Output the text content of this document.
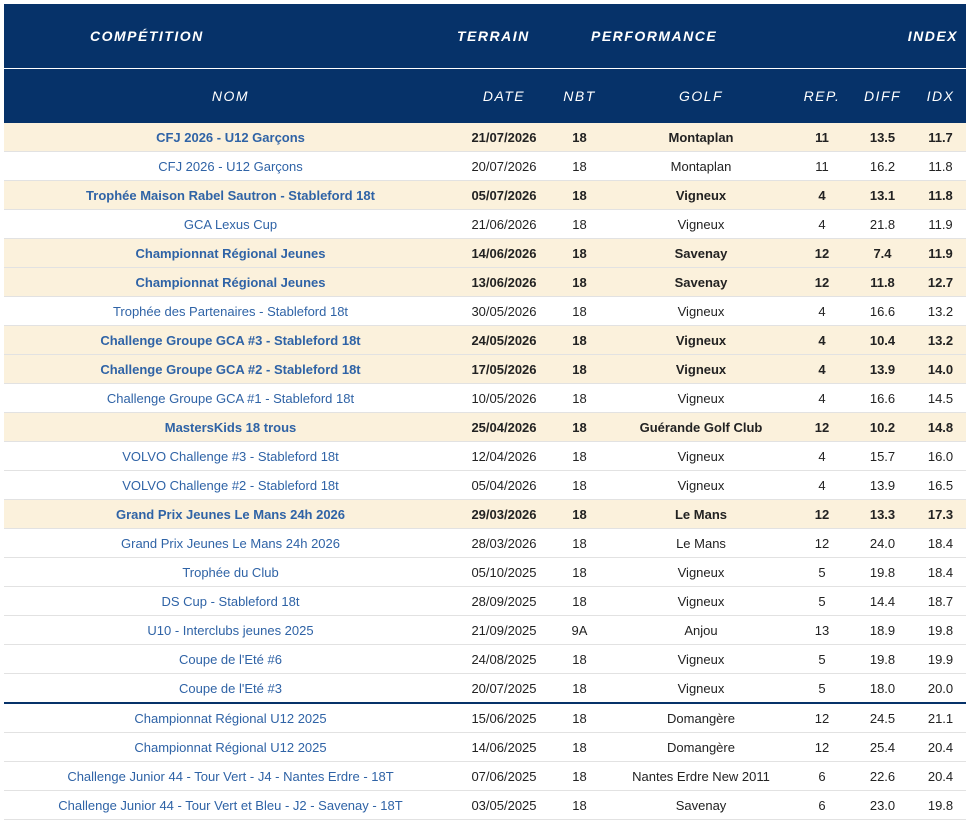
COMPÉTITION	TERRAIN	PERFORMANCE			INDEX	
NOM	DATE	NBT	GOLF	REP.	DIFF	IDX
CFJ 2026 - U12 Garçons	21/07/2026	18	Montaplan	11	13.5	11.7
CFJ 2026 - U12 Garçons	20/07/2026	18	Montaplan	11	16.2	11.8
Trophée Maison Rabel Sautron - Stableford 18t	05/07/2026	18	Vigneux	4	13.1	11.8
GCA Lexus Cup	21/06/2026	18	Vigneux	4	21.8	11.9
Championnat Régional Jeunes	14/06/2026	18	Savenay	12	7.4	11.9
Championnat Régional Jeunes	13/06/2026	18	Savenay	12	11.8	12.7
Trophée des Partenaires - Stableford 18t	30/05/2026	18	Vigneux	4	16.6	13.2
Challenge Groupe GCA #3 - Stableford 18t	24/05/2026	18	Vigneux	4	10.4	13.2
Challenge Groupe GCA #2 - Stableford 18t	17/05/2026	18	Vigneux	4	13.9	14.0
Challenge Groupe GCA #1 - Stableford 18t	10/05/2026	18	Vigneux	4	16.6	14.5
MastersKids 18 trous	25/04/2026	18	Guérande Golf Club	12	10.2	14.8
VOLVO Challenge #3 - Stableford 18t	12/04/2026	18	Vigneux	4	15.7	16.0
VOLVO Challenge #2 - Stableford 18t	05/04/2026	18	Vigneux	4	13.9	16.5
Grand Prix Jeunes Le Mans 24h 2026	29/03/2026	18	Le Mans	12	13.3	17.3
Grand Prix Jeunes Le Mans 24h 2026	28/03/2026	18	Le Mans	12	24.0	18.4
Trophée du Club	05/10/2025	18	Vigneux	5	19.8	18.4
DS Cup - Stableford 18t	28/09/2025	18	Vigneux	5	14.4	18.7
U10 - Interclubs jeunes 2025	21/09/2025	9A	Anjou	13	18.9	19.8
Coupe de l'Eté #6	24/08/2025	18	Vigneux	5	19.8	19.9
Coupe de l'Eté #3	20/07/2025	18	Vigneux	5	18.0	20.0
Championnat Régional U12 2025	15/06/2025	18	Domangère	12	24.5	21.1
Championnat Régional U12 2025	14/06/2025	18	Domangère	12	25.4	20.4
Challenge Junior 44 - Tour Vert - J4 - Nantes Erdre - 18T	07/06/2025	18	Nantes Erdre New 2011	6	22.6	20.4
Challenge Junior 44 - Tour Vert et Bleu - J2 - Savenay - 18T	03/05/2025	18	Savenay	6	23.0	19.8
